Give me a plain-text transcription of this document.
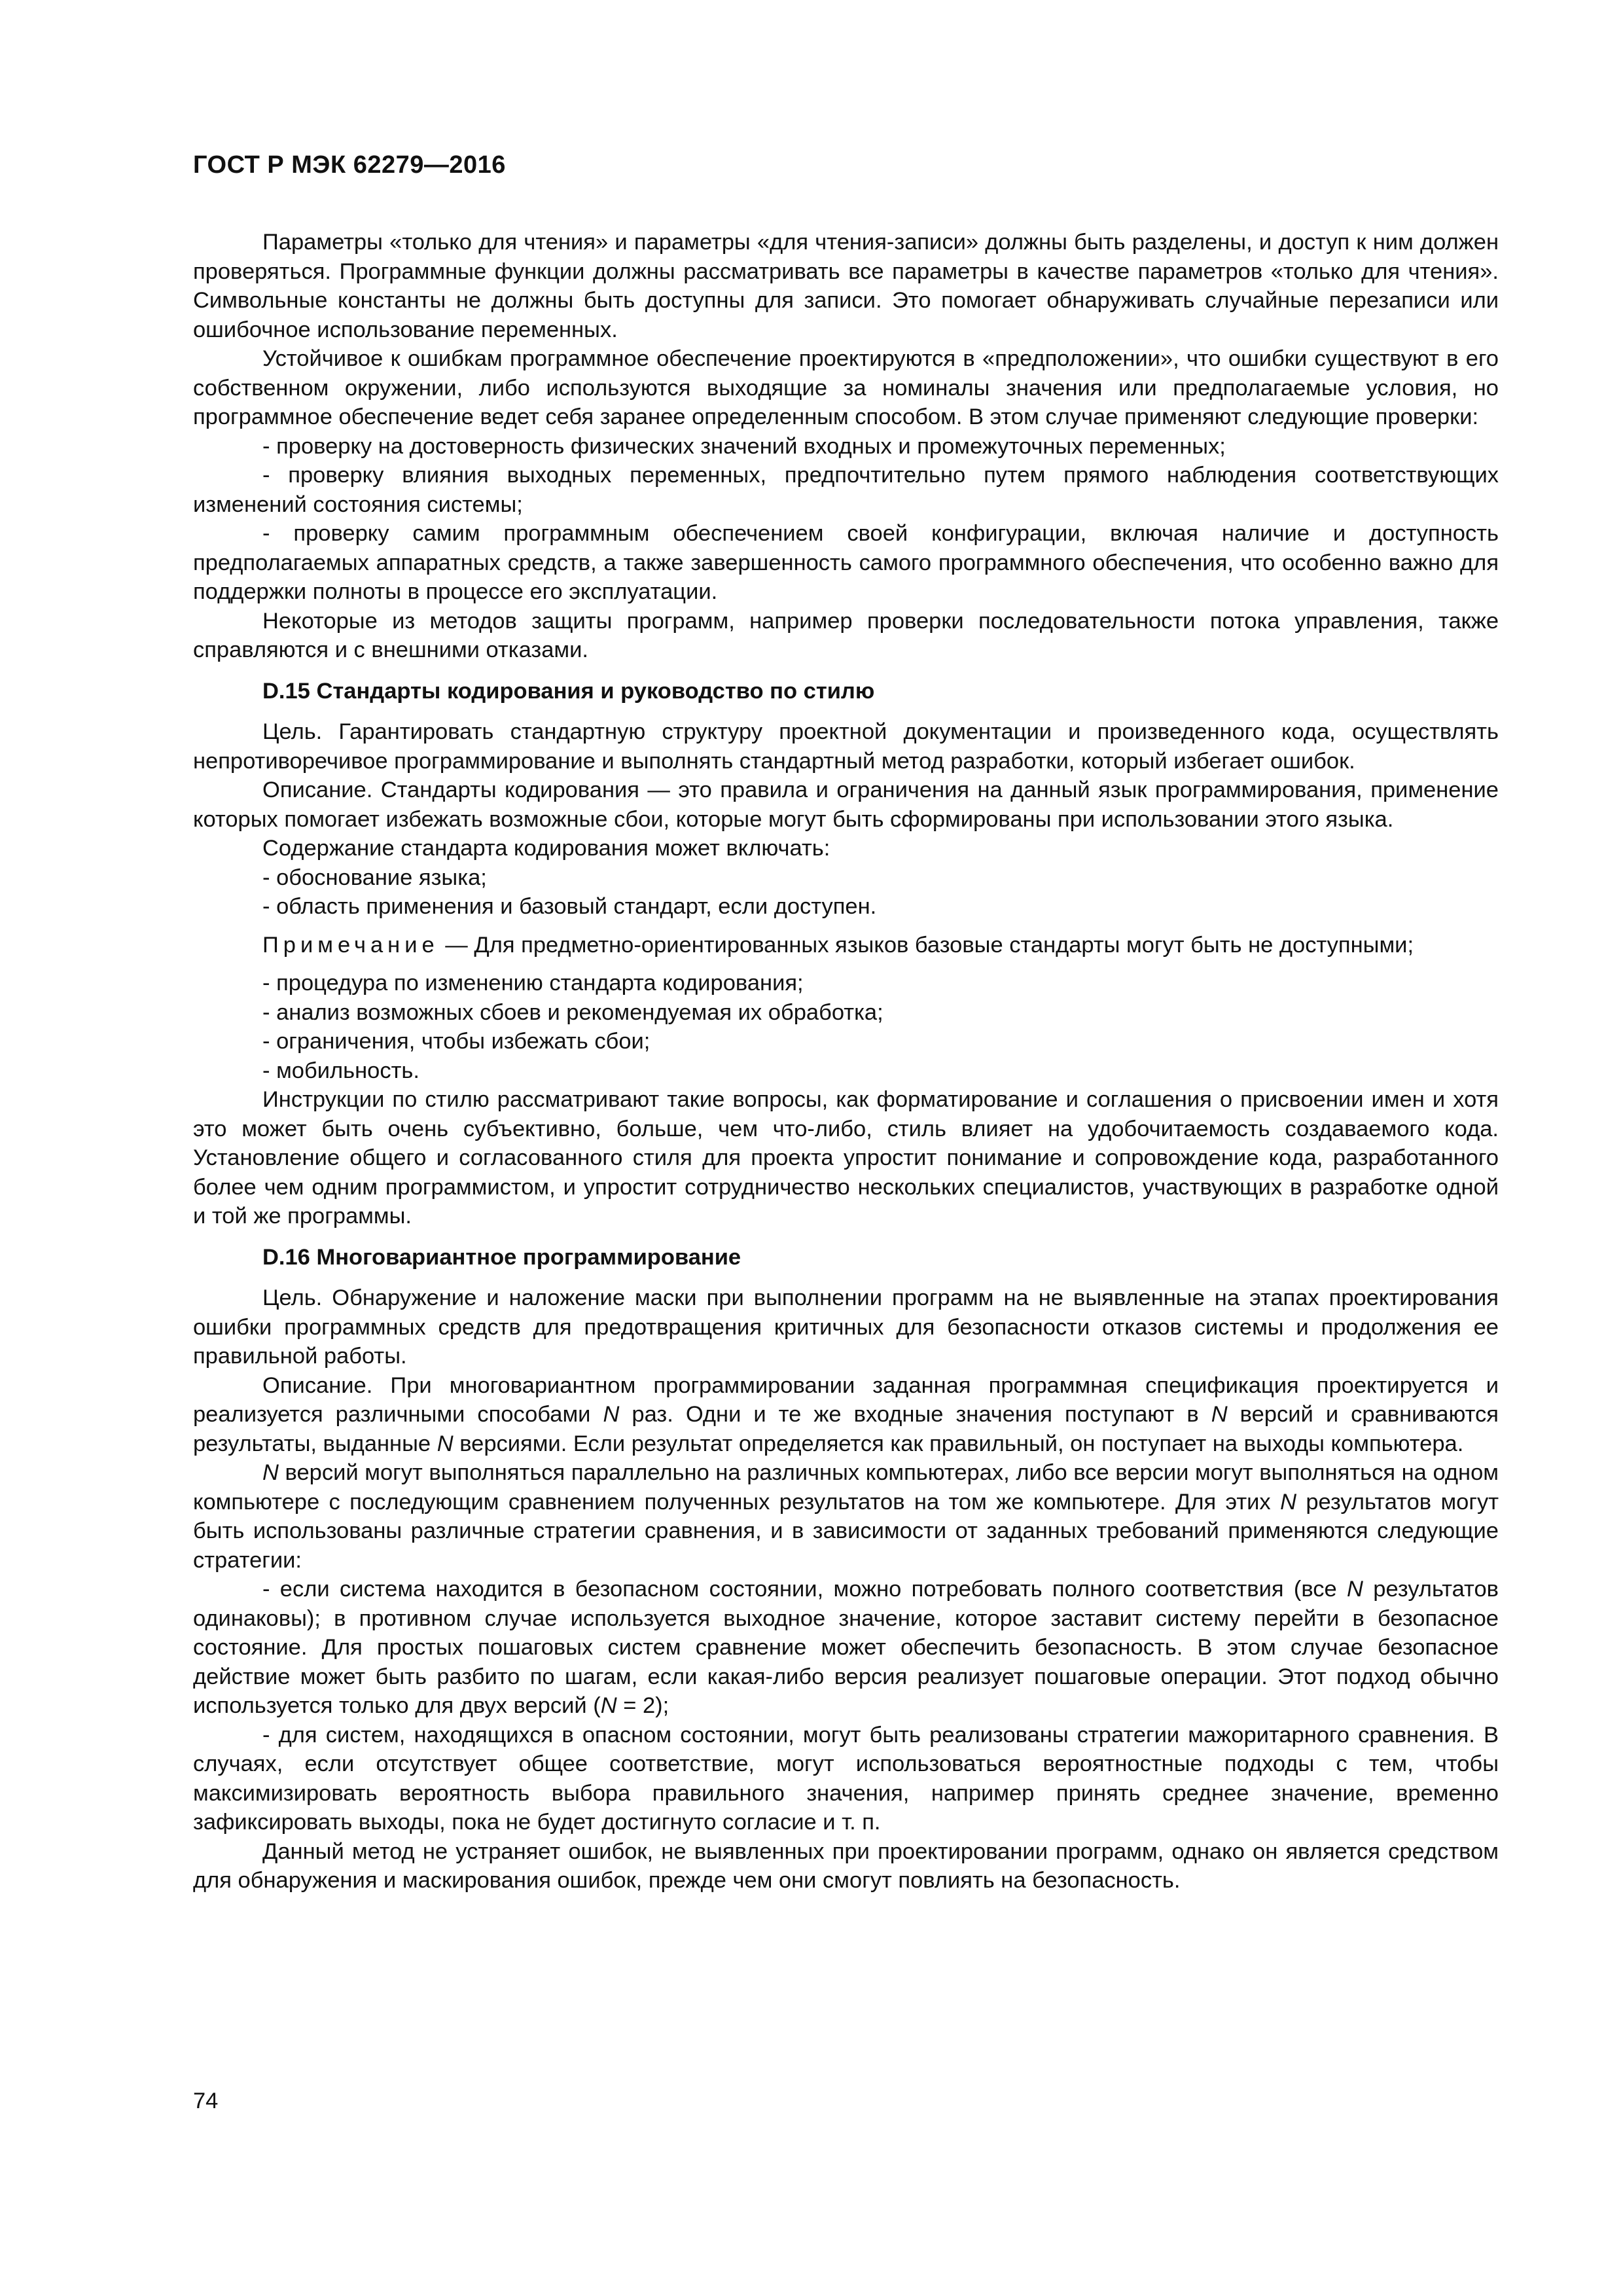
ГОСТ Р МЭК 62279—2016

Параметры «только для чтения» и параметры «для чтения-записи» должны быть разделены, и доступ к ним должен проверяться. Программные функции должны рассматривать все параметры в качестве параметров «только для чтения». Символьные константы не должны быть доступны для записи. Это помогает обнаруживать случайные перезаписи или ошибочное использование переменных.

Устойчивое к ошибкам программное обеспечение проектируются в «предположении», что ошибки существуют в его собственном окружении, либо используются выходящие за номиналы значения или предполагаемые условия, но программное обеспечение ведет себя заранее определенным способом. В этом случае применяют следующие проверки:

- проверку на достоверность физических значений входных и промежуточных переменных;

- проверку влияния выходных переменных, предпочтительно путем прямого наблюдения соответствующих изменений состояния системы;

- проверку самим программным обеспечением своей конфигурации, включая наличие и доступность предполагаемых аппаратных средств, а также завершенность самого программного обеспечения, что особенно важно для поддержки полноты в процессе его эксплуатации.

Некоторые из методов защиты программ, например проверки последовательности потока управления, также справляются и с внешними отказами.

D.15 Стандарты кодирования и руководство по стилю

Цель. Гарантировать стандартную структуру проектной документации и произведенного кода, осуществлять непротиворечивое программирование и выполнять стандартный метод разработки, который избегает ошибок.

Описание. Стандарты кодирования — это правила и ограничения на данный язык программирования, применение которых помогает избежать возможные сбои, которые могут быть сформированы при использовании этого языка.

Содержание стандарта кодирования может включать:

- обоснование языка;

- область применения и базовый стандарт, если доступен.

Примечание — Для предметно-ориентированных языков базовые стандарты могут быть не доступными;

- процедура по изменению стандарта кодирования;

- анализ возможных сбоев и рекомендуемая их обработка;

- ограничения, чтобы избежать сбои;

- мобильность.

Инструкции по стилю рассматривают такие вопросы, как форматирование и соглашения о присвоении имен и хотя это может быть очень субъективно, больше, чем что-либо, стиль влияет на удобочитаемость создаваемого кода. Установление общего и согласованного стиля для проекта упростит понимание и сопровождение кода, разработанного более чем одним программистом, и упростит сотрудничество нескольких специалистов, участвующих в разработке одной и той же программы.

D.16 Многовариантное программирование

Цель. Обнаружение и наложение маски при выполнении программ на не выявленные на этапах проектирования ошибки программных средств для предотвращения критичных для безопасности отказов системы и продолжения ее правильной работы.

Описание. При многовариантном программировании заданная программная спецификация проектируется и реализуется различными способами N раз. Одни и те же входные значения поступают в N версий и сравниваются результаты, выданные N версиями. Если результат определяется как правильный, он поступает на выходы компьютера.

N версий могут выполняться параллельно на различных компьютерах, либо все версии могут выполняться на одном компьютере с последующим сравнением полученных результатов на том же компьютере. Для этих N результатов могут быть использованы различные стратегии сравнения, и в зависимости от заданных требований применяются следующие стратегии:

- если система находится в безопасном состоянии, можно потребовать полного соответствия (все N результатов одинаковы); в противном случае используется выходное значение, которое заставит систему перейти в безопасное состояние. Для простых пошаговых систем сравнение может обеспечить безопасность. В этом случае безопасное действие может быть разбито по шагам, если какая-либо версия реализует пошаговые операции. Этот подход обычно используется только для двух версий (N = 2);

- для систем, находящихся в опасном состоянии, могут быть реализованы стратегии мажоритарного сравнения. В случаях, если отсутствует общее соответствие, могут использоваться вероятностные подходы с тем, чтобы максимизировать вероятность выбора правильного значения, например принять среднее значение, временно зафиксировать выходы, пока не будет достигнуто согласие и т. п.

Данный метод не устраняет ошибок, не выявленных при проектировании программ, однако он является средством для обнаружения и маскирования ошибок, прежде чем они смогут повлиять на безопасность.

74
